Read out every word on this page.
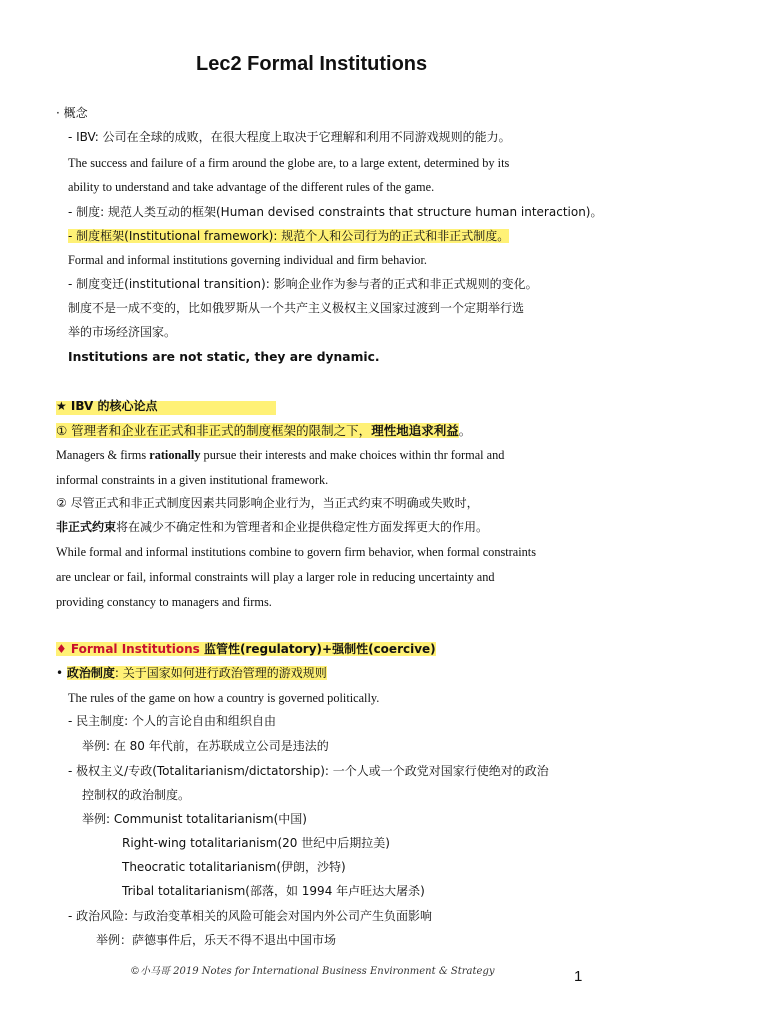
Lec2 Formal Institutions
· 概念
- IBV: 公司在全球的成败，在很大程度上取决于它理解和利用不同游戏规则的能力。
The success and failure of a firm around the globe are, to a large extent, determined by its
ability to understand and take advantage of the different rules of the game.
- 制度: 规范人类互动的框架(Human devised constraints that structure human interaction)。
- 制度框架(Institutional framework): 规范个人和公司行为的正式和非正式制度。
Formal and informal institutions governing individual and firm behavior.
- 制度变迁(institutional transition): 影响企业作为参与者的正式和非正式规则的变化。
制度不是一成不变的，比如俄罗斯从一个共产主义极权主义国家过渡到一个定期举行选
举的市场经济国家。
Institutions are not static, they are dynamic.
★ IBV 的核心论点
① 管理者和企业在正式和非正式的制度框架的限制之下，理性地追求利益。
Managers & firms rationally pursue their interests and make choices within thr formal and
informal constraints in a given institutional framework.
② 尽管正式和非正式制度因素共同影响企业行为，当正式约束不明确或失败时，
非正式约束将在减少不确定性和为管理者和企业提供稳定性方面发挥更大的作用。
While formal and informal institutions combine to govern firm behavior, when formal constraints
are unclear or fail, informal constraints will play a larger role in reducing uncertainty and
providing constancy to managers and firms.
♦ Formal Institutions 监管性(regulatory)+强制性(coercive)
• 政治制度: 关于国家如何进行政治管理的游戏规则
The rules of the game on how a country is governed politically.
- 民主制度: 个人的言论自由和组织自由
举例: 在 80 年代前，在苏联成立公司是违法的
- 极权主义/专政(Totalitarianism/dictatorship): 一个人或一个政党对国家行使绝对的政治
控制权的政治制度。
举例: Communist totalitarianism(中国)
Right-wing totalitarianism(20 世纪中后期拉美)
Theocratic totalitarianism(伊朗，沙特)
Tribal totalitarianism(部落，如 1994 年卢旺达大屠杀)
- 政治风险: 与政治变革相关的风险可能会对国内外公司产生负面影响
举例：萨德事件后，乐天不得不退出中国市场
©小马哥 2019 Notes for International Business Environment & Strategy	1
